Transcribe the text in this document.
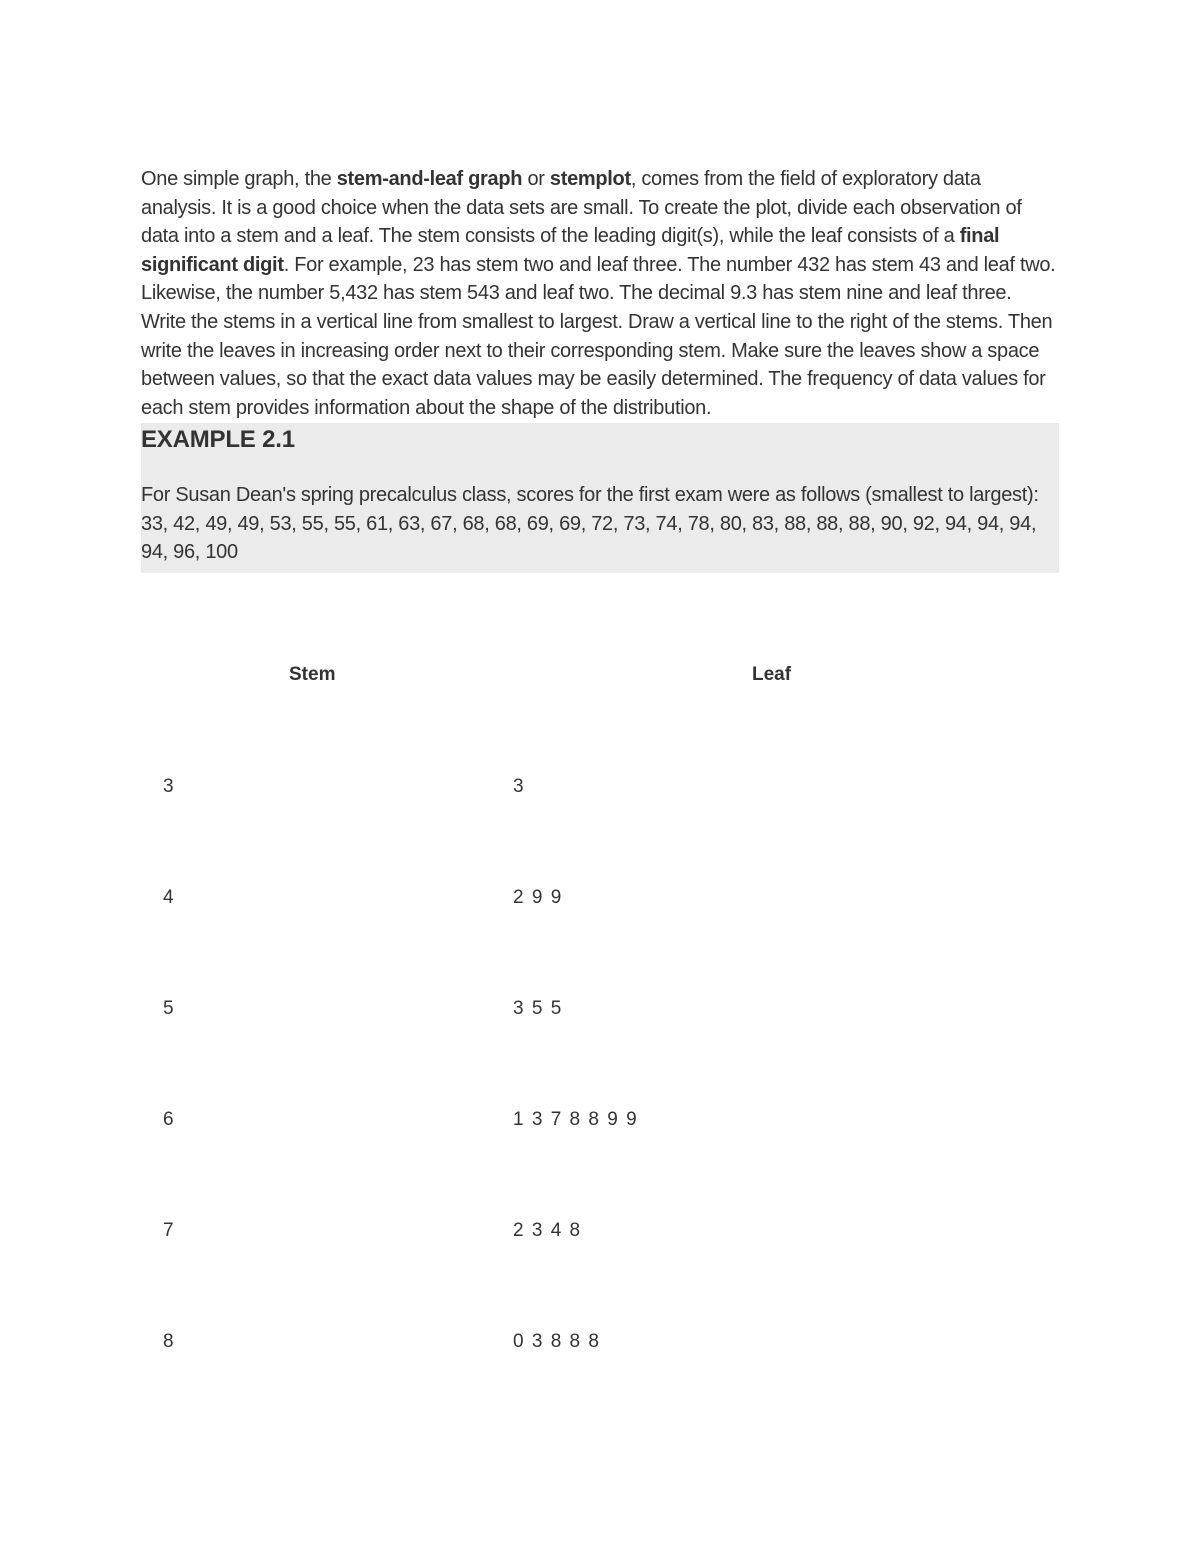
One simple graph, the stem-and-leaf graph or stemplot, comes from the field of exploratory data analysis. It is a good choice when the data sets are small. To create the plot, divide each observation of data into a stem and a leaf. The stem consists of the leading digit(s), while the leaf consists of a final significant digit. For example, 23 has stem two and leaf three. The number 432 has stem 43 and leaf two. Likewise, the number 5,432 has stem 543 and leaf two. The decimal 9.3 has stem nine and leaf three. Write the stems in a vertical line from smallest to largest. Draw a vertical line to the right of the stems. Then write the leaves in increasing order next to their corresponding stem. Make sure the leaves show a space between values, so that the exact data values may be easily determined. The frequency of data values for each stem provides information about the shape of the distribution.

EXAMPLE 2.1

For Susan Dean's spring precalculus class, scores for the first exam were as follows (smallest to largest):
33, 42, 49, 49, 53, 55, 55, 61, 63, 67, 68, 68, 69, 69, 72, 73, 74, 78, 80, 83, 88, 88, 88, 90, 92, 94, 94, 94, 94, 96, 100

Stem	Leaf
3	3
4	2 9 9
5	3 5 5
6	1 3 7 8 8 9 9
7	2 3 4 8
8	0 3 8 8 8
